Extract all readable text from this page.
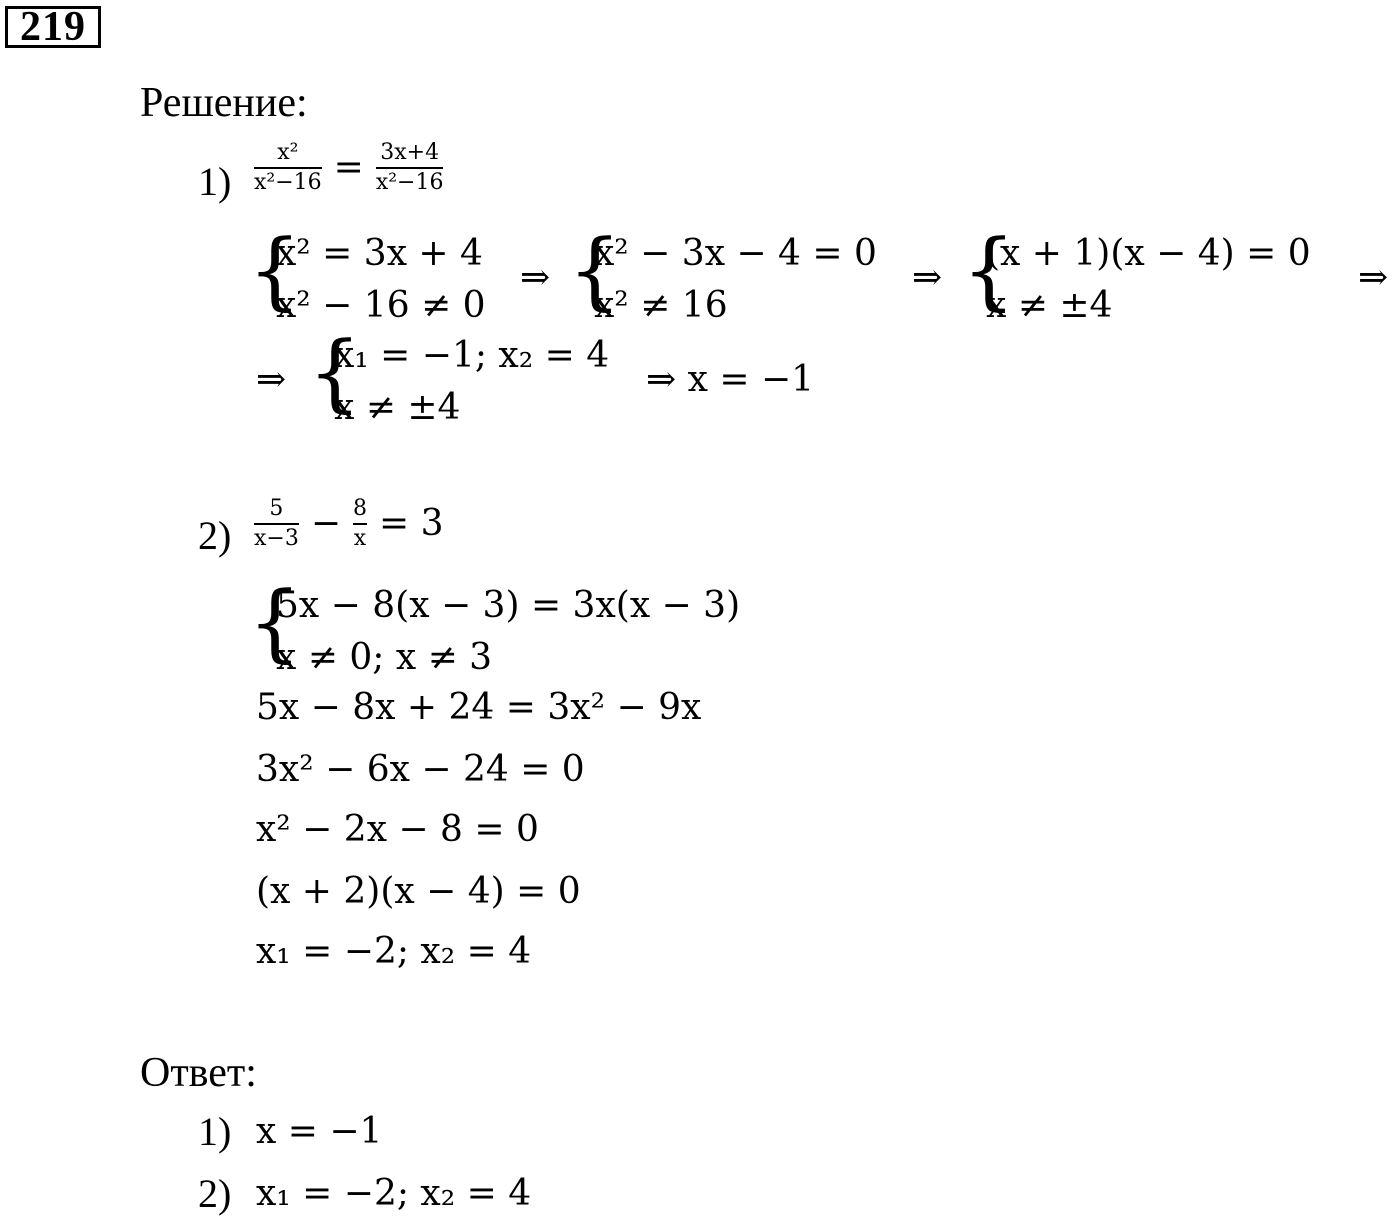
219
Решение:
$1) \frac{\text{x²}}{\text{x²−16}} = \frac{3x+4}{\text{x²−16}}$
{
x² = 3x + 4
x² − 16 ≠ 0
⇒ {
x² − 3x − 4 = 0
x² ≠ 16
⇒ {
(x + 1)(x − 4) = 0
x ≠ ±4
⇒
⇒ {
x₁ = −1; x₂ = 4
x ≠ ±4
⇒ x = −1
$2) \frac{5}{x-3} - \frac{8}{x} = 3$
{
5x − 8(x − 3) = 3x(x − 3)
x ≠ 0; x ≠ 3
5x − 8x + 24 = 3x² − 9x
3x² − 6x − 24 = 0
x² − 2x − 8 = 0
(x + 2)(x − 4) = 0
x₁ = −2; x₂ = 4
Ответ:
1) x = −1
2) x₁ = −2; x₂ = 4
